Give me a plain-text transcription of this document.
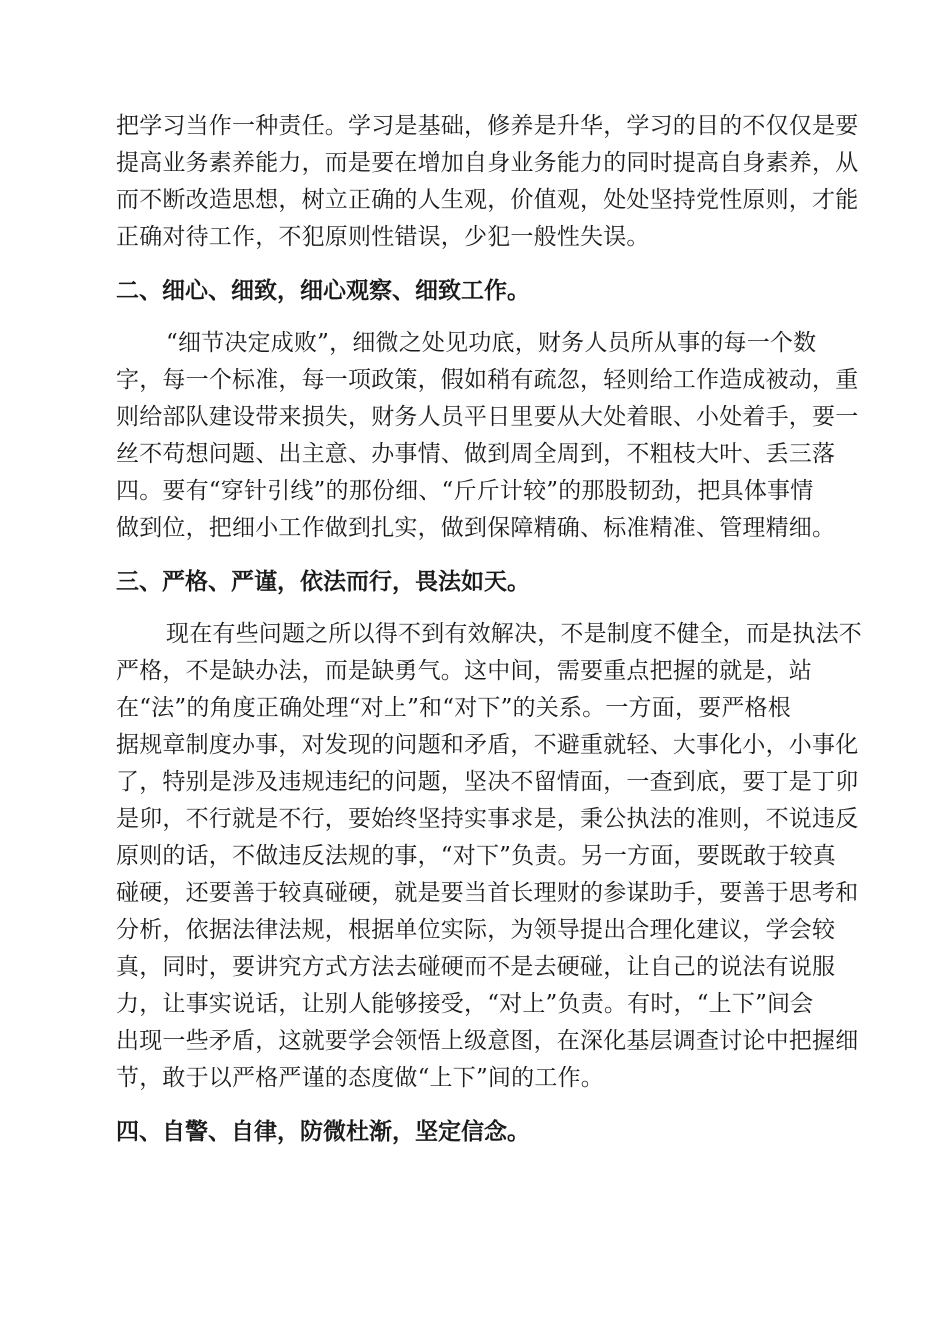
把学习当作一种责任。学习是基础，修养是升华，学习的目的不仅仅是要
提高业务素养能力，而是要在增加自身业务能力的同时提高自身素养，从
而不断改造思想，树立正确的人生观，价值观，处处坚持党性原则，才能
正确对待工作，不犯原则性错误，少犯一般性失误。

二、细心、细致，细心观察、细致工作。

“细节决定成败”，细微之处见功底，财务人员所从事的每一个数
字，每一个标准，每一项政策，假如稍有疏忽，轻则给工作造成被动，重
则给部队建设带来损失，财务人员平日里要从大处着眼、小处着手，要一
丝不苟想问题、出主意、办事情、做到周全周到，不粗枝大叶、丢三落
四。要有“穿针引线”的那份细、“斤斤计较”的那股韧劲，把具体事情
做到位，把细小工作做到扎实，做到保障精确、标准精准、管理精细。

三、严格、严谨，依法而行，畏法如天。

现在有些问题之所以得不到有效解决，不是制度不健全，而是执法不
严格，不是缺办法，而是缺勇气。这中间，需要重点把握的就是，站
在“法”的角度正确处理“对上”和“对下”的关系。一方面，要严格根
据规章制度办事，对发现的问题和矛盾，不避重就轻、大事化小，小事化
了，特别是涉及违规违纪的问题，坚决不留情面，一查到底，要丁是丁卯
是卯，不行就是不行，要始终坚持实事求是，秉公执法的准则，不说违反
原则的话，不做违反法规的事，“对下”负责。另一方面，要既敢于较真
碰硬，还要善于较真碰硬，就是要当首长理财的参谋助手，要善于思考和
分析，依据法律法规，根据单位实际，为领导提出合理化建议，学会较
真，同时，要讲究方式方法去碰硬而不是去硬碰，让自己的说法有说服
力，让事实说话，让别人能够接受，“对上”负责。有时，“上下”间会
出现一些矛盾，这就要学会领悟上级意图，在深化基层调查讨论中把握细
节，敢于以严格严谨的态度做“上下”间的工作。

四、自警、自律，防微杜渐，坚定信念。
